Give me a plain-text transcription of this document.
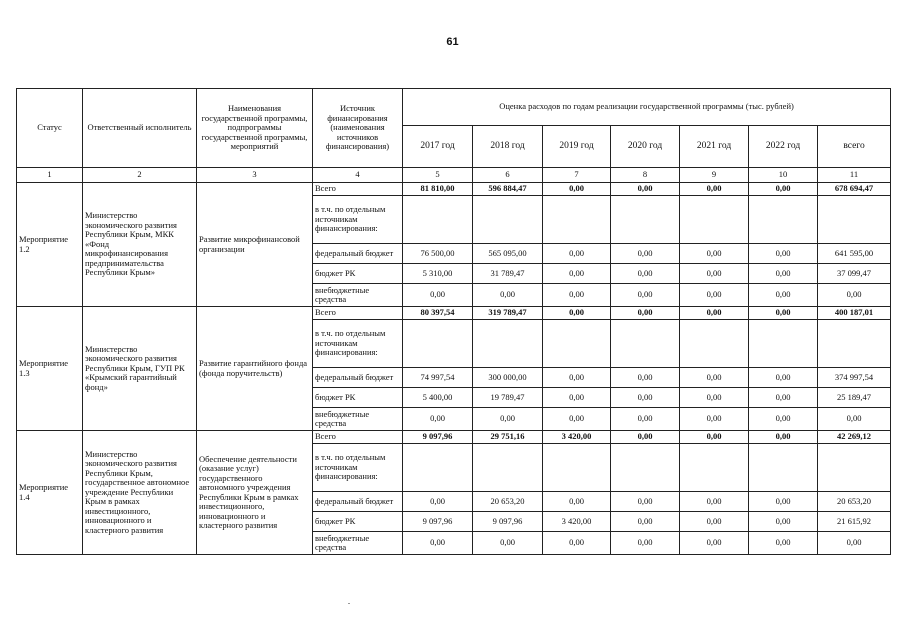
61
Статус	Ответственный исполнитель	Наименования государственной программы, подпрограммы государственной программы, мероприятий	Источник финансирования (наименования источников финансирования)	Оценка расходов по годам реализации государственной программы (тыс. рублей)						
				2017 год	2018 год	2019 год	2020 год	2021 год	2022 год	всего
1	2	3	4	5	6	7	8	9	10	11
Мероприятие 1.2	Министерство экономического развития Республики Крым, МКК «Фонд микрофинансирования предпринимательства Республики Крым»	Развитие микрофинансовой организации	Всего	81 810,00	596 884,47	0,00	0,00	0,00	0,00	678 694,47
			в т.ч. по отдельным источникам финансирования:							
			федеральный бюджет	76 500,00	565 095,00	0,00	0,00	0,00	0,00	641 595,00
			бюджет РК	5 310,00	31 789,47	0,00	0,00	0,00	0,00	37 099,47
			внебюджетные средства	0,00	0,00	0,00	0,00	0,00	0,00	0,00
Мероприятие 1.3	Министерство экономического развития Республики Крым, ГУП РК «Крымский гарантийный фонд»	Развитие гарантийного фонда (фонда поручительств)	Всего	80 397,54	319 789,47	0,00	0,00	0,00	0,00	400 187,01
			в т.ч. по отдельным источникам финансирования:							
			федеральный бюджет	74 997,54	300 000,00	0,00	0,00	0,00	0,00	374 997,54
			бюджет РК	5 400,00	19 789,47	0,00	0,00	0,00	0,00	25 189,47
			внебюджетные средства	0,00	0,00	0,00	0,00	0,00	0,00	0,00
Мероприятие 1.4	Министерство экономического развития Республики Крым, государственное автономное учреждение Республики Крым в рамках инвестиционного, инновационного и кластерного развития	Обеспечение деятельности (оказание услуг) государственного автономного учреждения Республики Крым в рамках инвестиционного, инновационного и кластерного развития	Всего	9 097,96	29 751,16	3 420,00	0,00	0,00	0,00	42 269,12
			в т.ч. по отдельным источникам финансирования:							
			федеральный бюджет	0,00	20 653,20	0,00	0,00	0,00	0,00	20 653,20
			бюджет РК	9 097,96	9 097,96	3 420,00	0,00	0,00	0,00	21 615,92
			внебюджетные средства	0,00	0,00	0,00	0,00	0,00	0,00	0,00
